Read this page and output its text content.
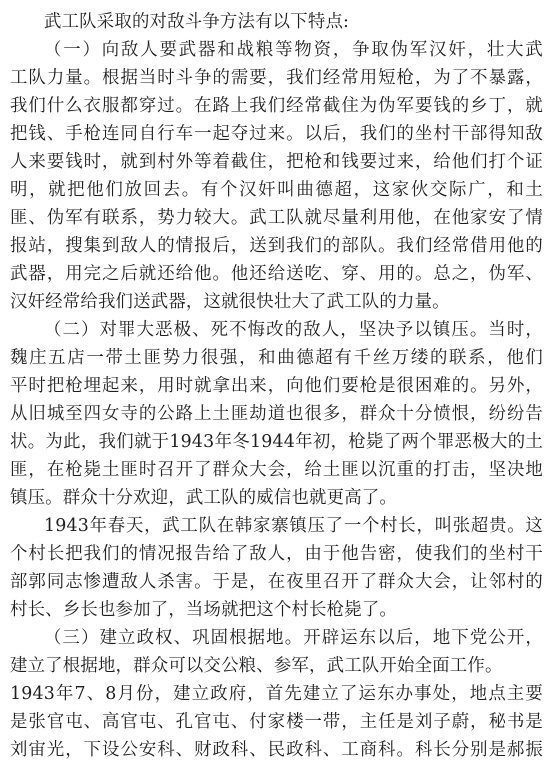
武工队采取的对敌斗争方法有以下特点:
（一）向敌人要武器和战粮等物资，争取伪军汉奸，壮大武
工队力量。根据当时斗争的需要，我们经常用短枪，为了不暴露，
我们什么衣服都穿过。在路上我们经常截住为伪军要钱的乡丁，就
把钱、手枪连同自行车一起夺过来。以后，我们的坐村干部得知敌
人来要钱时，就到村外等着截住，把枪和钱要过来，给他们打个证
明，就把他们放回去。有个汉奸叫曲德超，这家伙交际广，和土
匪、伪军有联系，势力较大。武工队就尽量利用他，在他家安了情
报站，搜集到敌人的情报后，送到我们的部队。我们经常借用他的
武器，用完之后就还给他。他还给送吃、穿、用的。总之，伪军、
汉奸经常给我们送武器，这就很快壮大了武工队的力量。
（二）对罪大恶极、死不悔改的敌人，坚决予以镇压。当时，
魏庄五店一带土匪势力很强，和曲德超有千丝万缕的联系，他们
平时把枪埋起来，用时就拿出来，向他们要枪是很困难的。另外，
从旧城至四女寺的公路上土匪劫道也很多，群众十分愤恨，纷纷告
状。为此，我们就于1943年冬1944年初，枪毙了两个罪恶极大的土
匪，在枪毙土匪时召开了群众大会，给土匪以沉重的打击，坚决地
镇压。群众十分欢迎，武工队的威信也就更高了。
1943年春天，武工队在韩家寨镇压了一个村长，叫张超贵。这
个村长把我们的情况报告给了敌人，由于他告密，使我们的坐村干
部郭同志惨遭敌人杀害。于是，在夜里召开了群众大会，让邻村的
村长、乡长也参加了，当场就把这个村长枪毙了。
（三）建立政权、巩固根据地。开辟运东以后，地下党公开，
建立了根据地，群众可以交公粮、参军，武工队开始全面工作。
1943年7、8月份，建立政府，首先建立了运东办事处，地点主要
是张官屯、高官屯、孔官屯、付家楼一带，主任是刘子蔚，秘书是
刘宙光，下设公安科、财政科、民政科、工商科。科长分别是郝振
